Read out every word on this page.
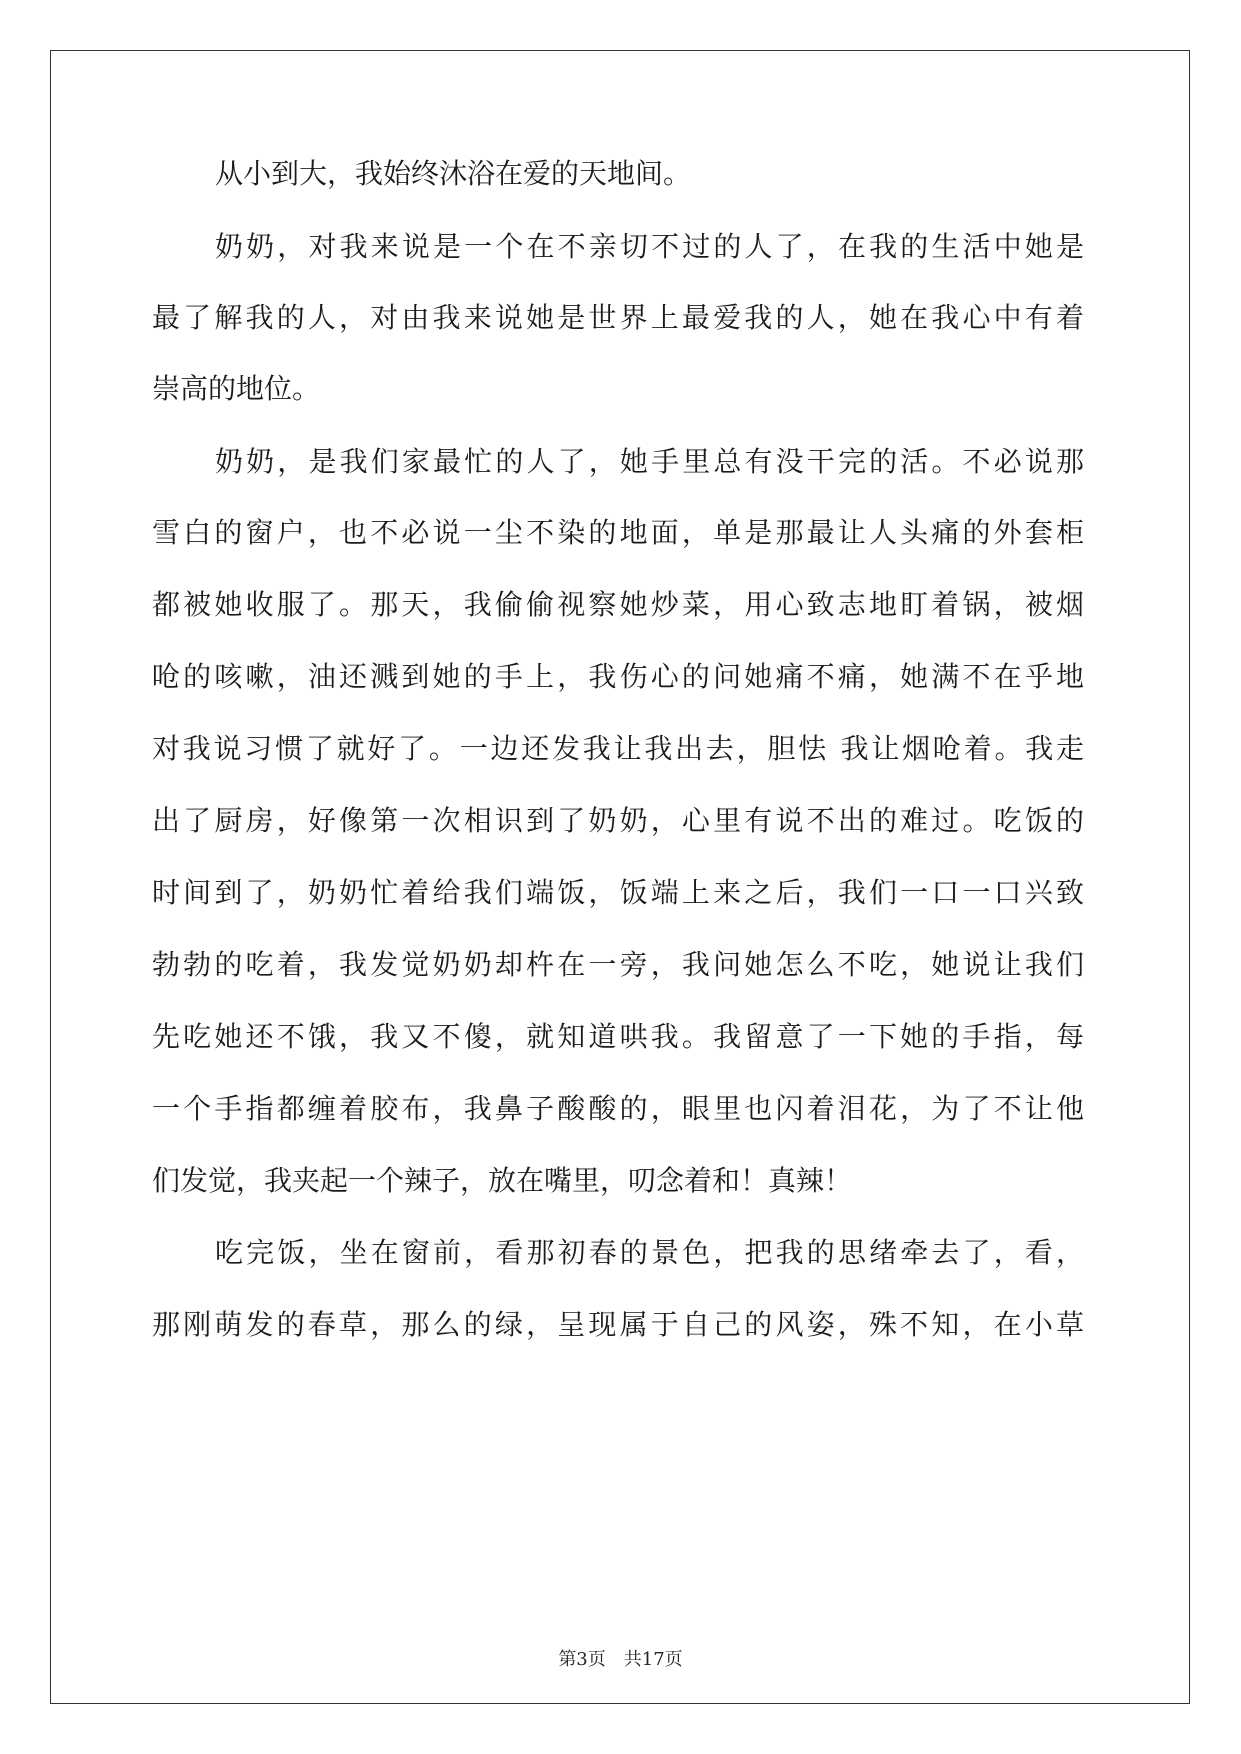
从小到大，我始终沐浴在爱的天地间。
奶奶，对我来说是一个在不亲切不过的人了，在我的生活中她是
最了解我的人，对由我来说她是世界上最爱我的人，她在我心中有着
崇高的地位。
奶奶，是我们家最忙的人了，她手里总有没干完的活。不必说那
雪白的窗户，也不必说一尘不染的地面，单是那最让人头痛的外套柜
都被她收服了。那天，我偷偷视察她炒菜，用心致志地盯着锅，被烟
呛的咳嗽，油还溅到她的手上，我伤心的问她痛不痛，她满不在乎地
对我说习惯了就好了。一边还发我让我出去，胆怯 我让烟呛着。我走
出了厨房，好像第一次相识到了奶奶，心里有说不出的难过。吃饭的
时间到了，奶奶忙着给我们端饭，饭端上来之后，我们一口一口兴致
勃勃的吃着，我发觉奶奶却杵在一旁，我问她怎么不吃，她说让我们
先吃她还不饿，我又不傻，就知道哄我。我留意了一下她的手指，每
一个手指都缠着胶布，我鼻子酸酸的，眼里也闪着泪花，为了不让他
们发觉，我夹起一个辣子，放在嘴里，叨念着和！真辣！
吃完饭，坐在窗前，看那初春的景色，把我的思绪牵去了，看，
那刚萌发的春草，那么的绿，呈现属于自己的风姿，殊不知，在小草
第3页 共17页
